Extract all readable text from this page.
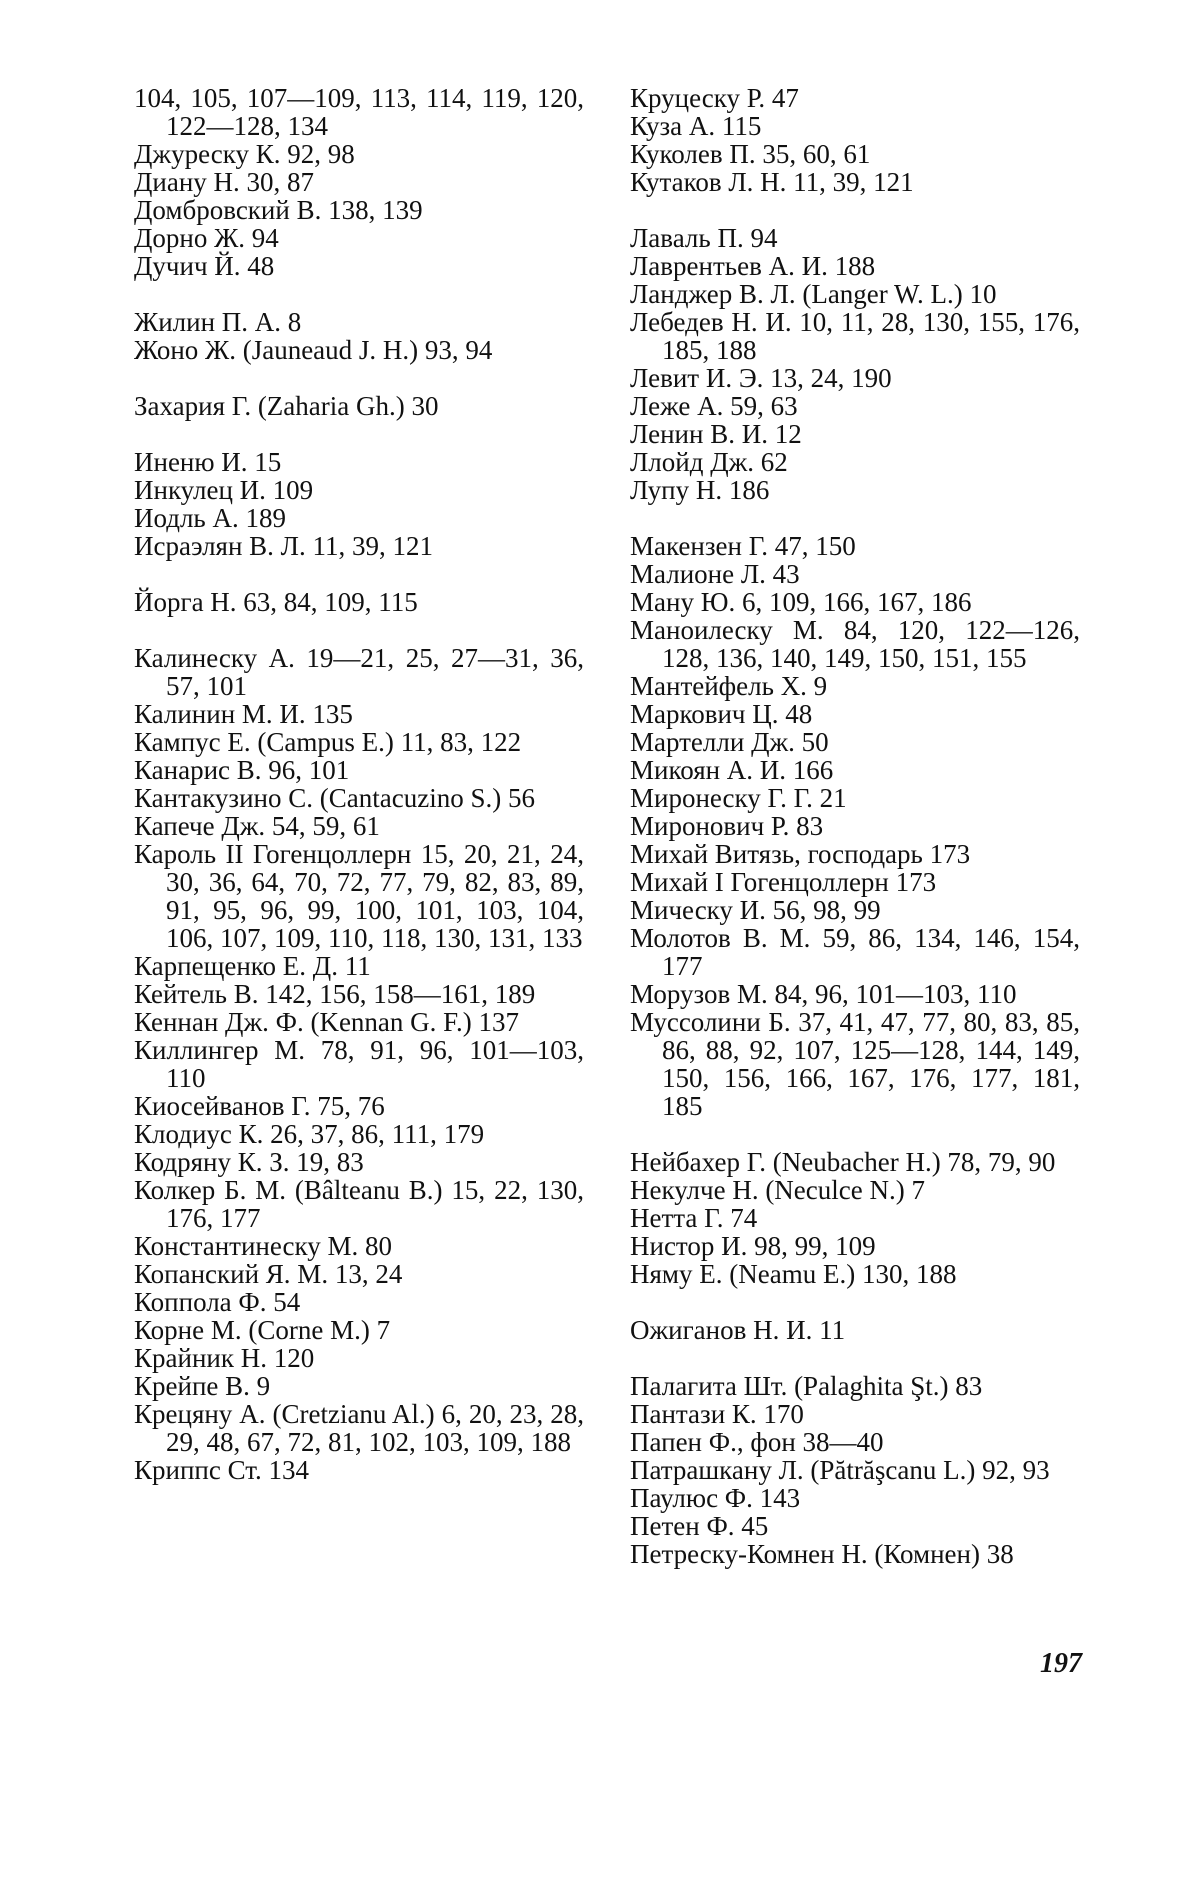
104, 105, 107—109, 113, 114, 119, 120, 122—128, 134
Джуреску К. 92, 98
Диану Н. 30, 87
Домбровский В. 138, 139
Дорно Ж. 94
Дучич Й. 48
Жилин П. А. 8
Жоно Ж. (Jauneaud J. H.) 93, 94
Захария Г. (Zaharia Gh.) 30
Иненю И. 15
Инкулец И. 109
Иодль А. 189
Исраэлян В. Л. 11, 39, 121
Йорга Н. 63, 84, 109, 115
Калинеску А. 19—21, 25, 27—31, 36, 57, 101
Калинин М. И. 135
Кампус Е. (Campus E.) 11, 83, 122
Канарис В. 96, 101
Кантакузино С. (Cantacuzino S.) 56
Капече Дж. 54, 59, 61
Кароль II Гогенцоллерн 15, 20, 21, 24, 30, 36, 64, 70, 72, 77, 79, 82, 83, 89, 91, 95, 96, 99, 100, 101, 103, 104, 106, 107, 109, 110, 118, 130, 131, 133
Карпещенко Е. Д. 11
Кейтель В. 142, 156, 158—161, 189
Кеннан Дж. Ф. (Kennan G. F.) 137
Киллингер М. 78, 91, 96, 101—103, 110
Киосейванов Г. 75, 76
Клодиус К. 26, 37, 86, 111, 179
Кодряну К. З. 19, 83
Колкер Б. М. (Bâlteanu B.) 15, 22, 130, 176, 177
Константинеску М. 80
Копанский Я. М. 13, 24
Коппола Ф. 54
Корне М. (Corne M.) 7
Крайник Н. 120
Крейпе В. 9
Крецяну А. (Cretzianu Al.) 6, 20, 23, 28, 29, 48, 67, 72, 81, 102, 103, 109, 188
Криппс Ст. 134
Круцеску Р. 47
Куза А. 115
Куколев П. 35, 60, 61
Кутаков Л. Н. 11, 39, 121
Лаваль П. 94
Лаврентьев А. И. 188
Ланджер В. Л. (Langer W. L.) 10
Лебедев Н. И. 10, 11, 28, 130, 155, 176, 185, 188
Левит И. Э. 13, 24, 190
Леже А. 59, 63
Ленин В. И. 12
Ллойд Дж. 62
Лупу Н. 186
Макензен Г. 47, 150
Малионе Л. 43
Ману Ю. 6, 109, 166, 167, 186
Маноилеску М. 84, 120, 122—126, 128, 136, 140, 149, 150, 151, 155
Мантейфель Х. 9
Маркович Ц. 48
Мартелли Дж. 50
Микоян А. И. 166
Миронеску Г. Г. 21
Миронович Р. 83
Михай Витязь, господарь 173
Михай I Гогенцоллерн 173
Мическу И. 56, 98, 99
Молотов В. М. 59, 86, 134, 146, 154, 177
Морузов М. 84, 96, 101—103, 110
Муссолини Б. 37, 41, 47, 77, 80, 83, 85, 86, 88, 92, 107, 125—128, 144, 149, 150, 156, 166, 167, 176, 177, 181, 185
Нейбахер Г. (Neubacher H.) 78, 79, 90
Некулче Н. (Neculce N.) 7
Нетта Г. 74
Нистор И. 98, 99, 109
Няму Е. (Neamu E.) 130, 188
Ожиганов Н. И. 11
Палагита Шт. (Palaghita Şt.) 83
Пантази К. 170
Папен Ф., фон 38—40
Патрашкану Л. (Pătrăşcanu L.) 92, 93
Паулюс Ф. 143
Петен Ф. 45
Петреску-Комнен Н. (Комнен) 38
197
